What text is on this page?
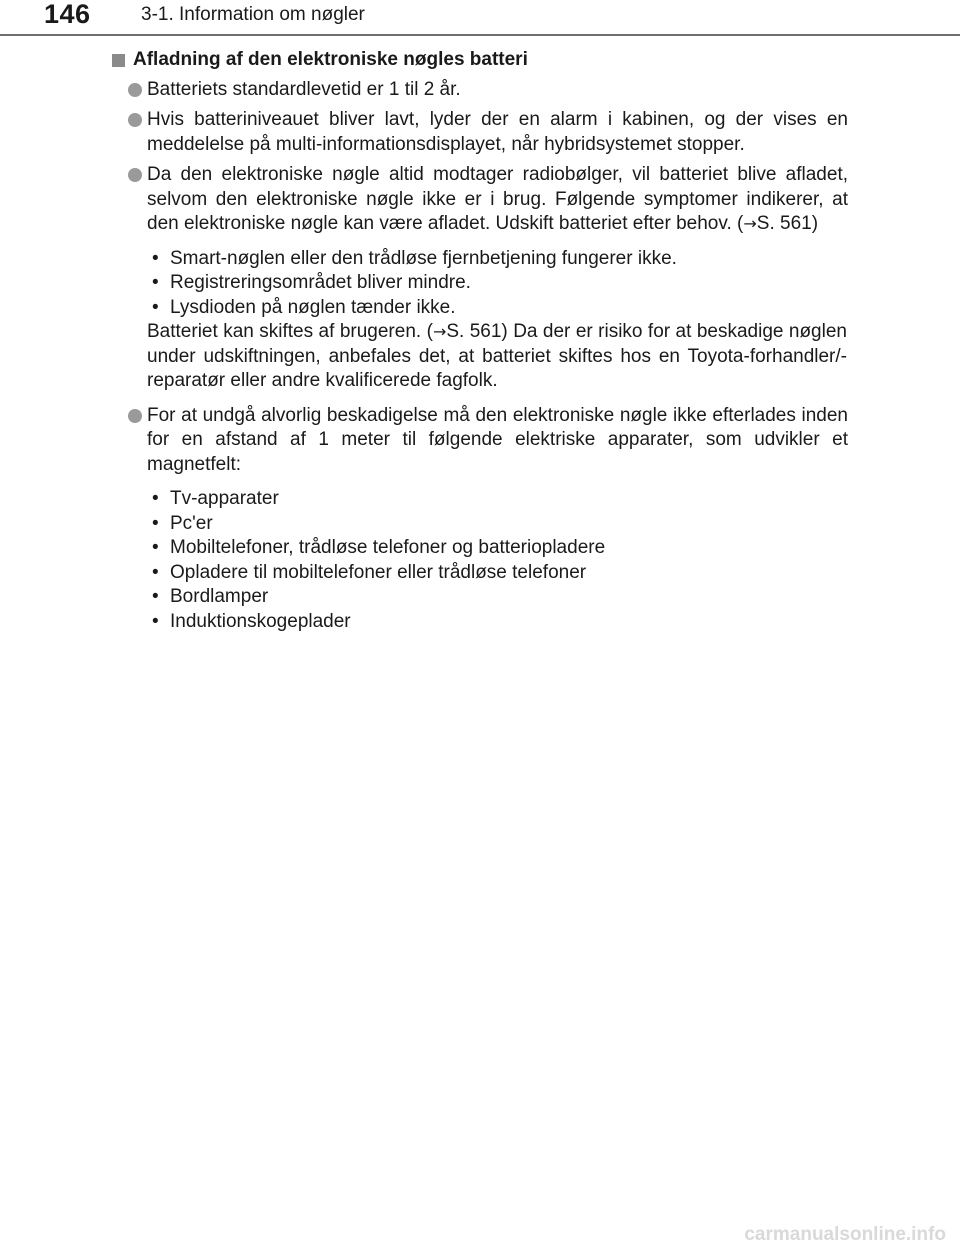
146	3-1. Information om nøgler
Afladning af den elektroniske nøgles batteri
Batteriets standardlevetid er 1 til 2 år.
Hvis batteriniveauet bliver lavt, lyder der en alarm i kabinen, og der vises en meddelelse på multi-informationsdisplayet, når hybridsystemet stopper.
Da den elektroniske nøgle altid modtager radiobølger, vil batteriet blive afladet, selvom den elektroniske nøgle ikke er i brug. Følgende symptomer indikerer, at den elektroniske nøgle kan være afladet. Udskift batteriet efter behov. (→S. 561)
• Smart-nøglen eller den trådløse fjernbetjening fungerer ikke.
• Registreringsområdet bliver mindre.
• Lysdioden på nøglen tænder ikke.
Batteriet kan skiftes af brugeren. (→S. 561) Da der er risiko for at beskadige nøglen under udskiftningen, anbefales det, at batteriet skiftes hos en Toyota-forhandler/-reparatør eller andre kvalificerede fagfolk.
For at undgå alvorlig beskadigelse må den elektroniske nøgle ikke efterlades inden for en afstand af 1 meter til følgende elektriske apparater, som udvikler et magnetfelt:
• Tv-apparater
• Pc'er
• Mobiltelefoner, trådløse telefoner og batteriopladere
• Opladere til mobiltelefoner eller trådløse telefoner
• Bordlamper
• Induktionskogeplader
carmanualsonline.info
